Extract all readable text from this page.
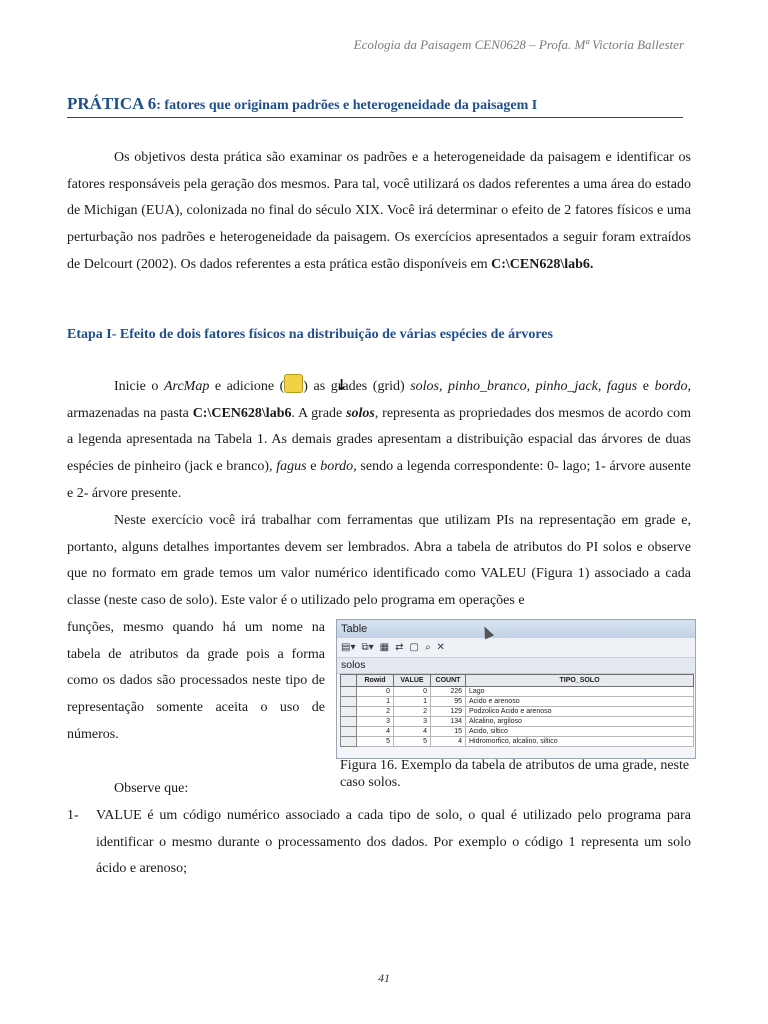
Ecologia da Paisagem CEN0628 – Profa. Mª Victoria Ballester
PRÁTICA 6: fatores que originam padrões e heterogeneidade da paisagem I

Os objetivos desta prática são examinar os padrões e a heterogeneidade da paisagem e identificar os fatores responsáveis pela geração dos mesmos. Para tal, você utilizará os dados referentes a uma área do estado de Michigan (EUA), colonizada no final do século XIX. Você irá determinar o efeito de 2 fatores físicos e uma perturbação nos padrões e heterogeneidade da paisagem. Os exercícios apresentados a seguir foram extraídos de Delcourt (2002). Os dados referentes a esta prática estão disponíveis em C:\CEN628\lab6.

Etapa I- Efeito de dois fatores físicos na distribuição de várias espécies de árvores

Inicie o ArcMap e adicione ( ↓ ) as grades (grid) solos, pinho_branco, pinho_jack, fagus e bordo, armazenadas na pasta C:\CEN628\lab6. A grade solos, representa as propriedades dos mesmos de acordo com a legenda apresentada na Tabela 1. As demais grades apresentam a distribuição espacial das árvores de duas espécies de pinheiro (jack e branco), fagus e bordo, sendo a legenda correspondente: 0- lago; 1- árvore ausente e 2- árvore presente.

Neste exercício você irá trabalhar com ferramentas que utilizam PIs na representação em grade e, portanto, alguns detalhes importantes devem ser lembrados. Abra a tabela de atributos do PI solos e observe que no formato em grade temos um valor numérico identificado como VALEU (Figura 1) associado a cada classe (neste caso de solo). Este valor é o utilizado pelo programa em operações e

funções, mesmo quando há um nome na tabela de atributos da grade pois a forma como os dados são processados neste tipo de representação somente aceita o uso de números.

Table
▤▾ ⧉▾ ▦ ⇄ ▢ ⌕ ✕
solos
	Rowid	VALUE	COUNT	TIPO_SOLO
	0	0	226	Lago
	1	1	95	Acido e arenoso
	2	2	129	Podzolico Acido e arenoso
	3	3	134	Alcalino, argiloso
	4	4	15	Acido, siltico
	5	5	4	Hidromorfico, alcalino, siltico

Figura 16. Exemplo da tabela de atributos de uma grade, neste caso solos.

Observe que:

1-	VALUE é um código numérico associado a cada tipo de solo, o qual é utilizado pelo programa para identificar o mesmo durante o processamento dos dados. Por exemplo o código 1 representa um solo ácido e arenoso;

41
